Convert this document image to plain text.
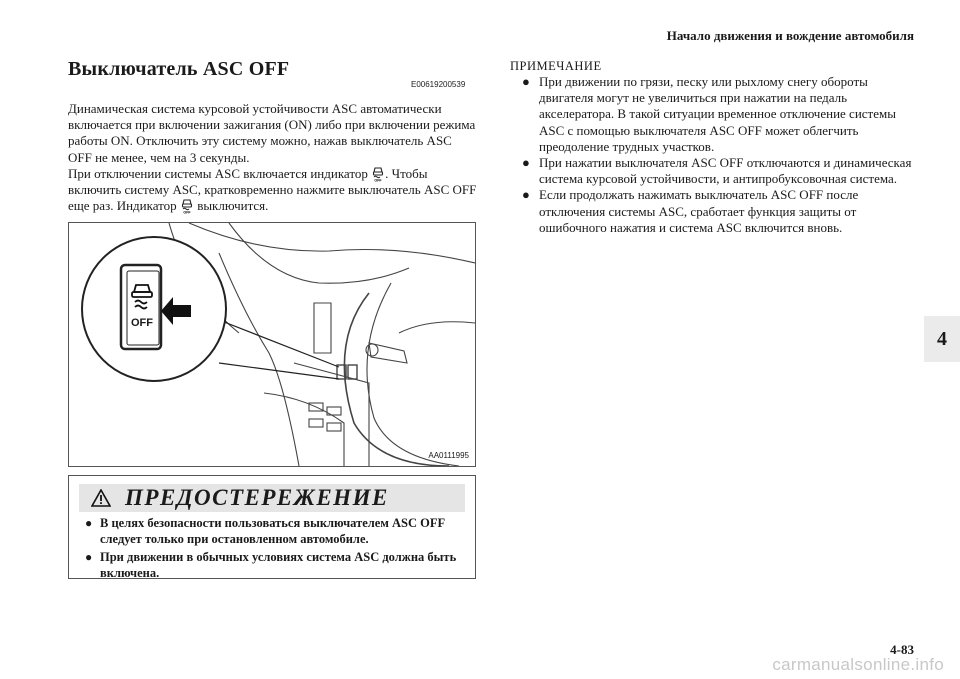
Начало движения и вождение автомобиля
4
Выключатель ASC OFF
E00619200539

Динамическая система курсовой устойчивости ASC автоматически включается при включении зажигания (ON) либо при включении режима работы ON. Отключить эту систему можно, нажав выключатель ASC OFF не менее, чем на 3 секунды.

При отключении системы ASC включается индикатор OFF . Чтобы включить систему ASC, кратковременно нажмите выключатель ASC OFF еще раз. Индикатор OFF выключится.

OFF
AA0111995
ПРЕДОСТЕРЕЖЕНИЕ
● В целях безопасности пользоваться выключателем ASC OFF следует только при остановленном автомобиле.
● При движении в обычных условиях система ASC должна быть включена.
ПРИМЕЧАНИЕ
● При движении по грязи, песку или рыхлому снегу обороты двигателя могут не увеличиться при нажатии на педаль акселератора. В такой ситуации временное отключение системы ASC с помощью выключателя ASC OFF может облегчить преодоление трудных участков.
● При нажатии выключателя ASC OFF отключаются и динамическая система курсовой устойчивости, и антипробуксовочная система.
● Если продолжать нажимать выключатель ASC OFF после отключения системы ASC, сработает функция защиты от ошибочного нажатия и система ASC включится вновь.
4-83
carmanualsonline.info
